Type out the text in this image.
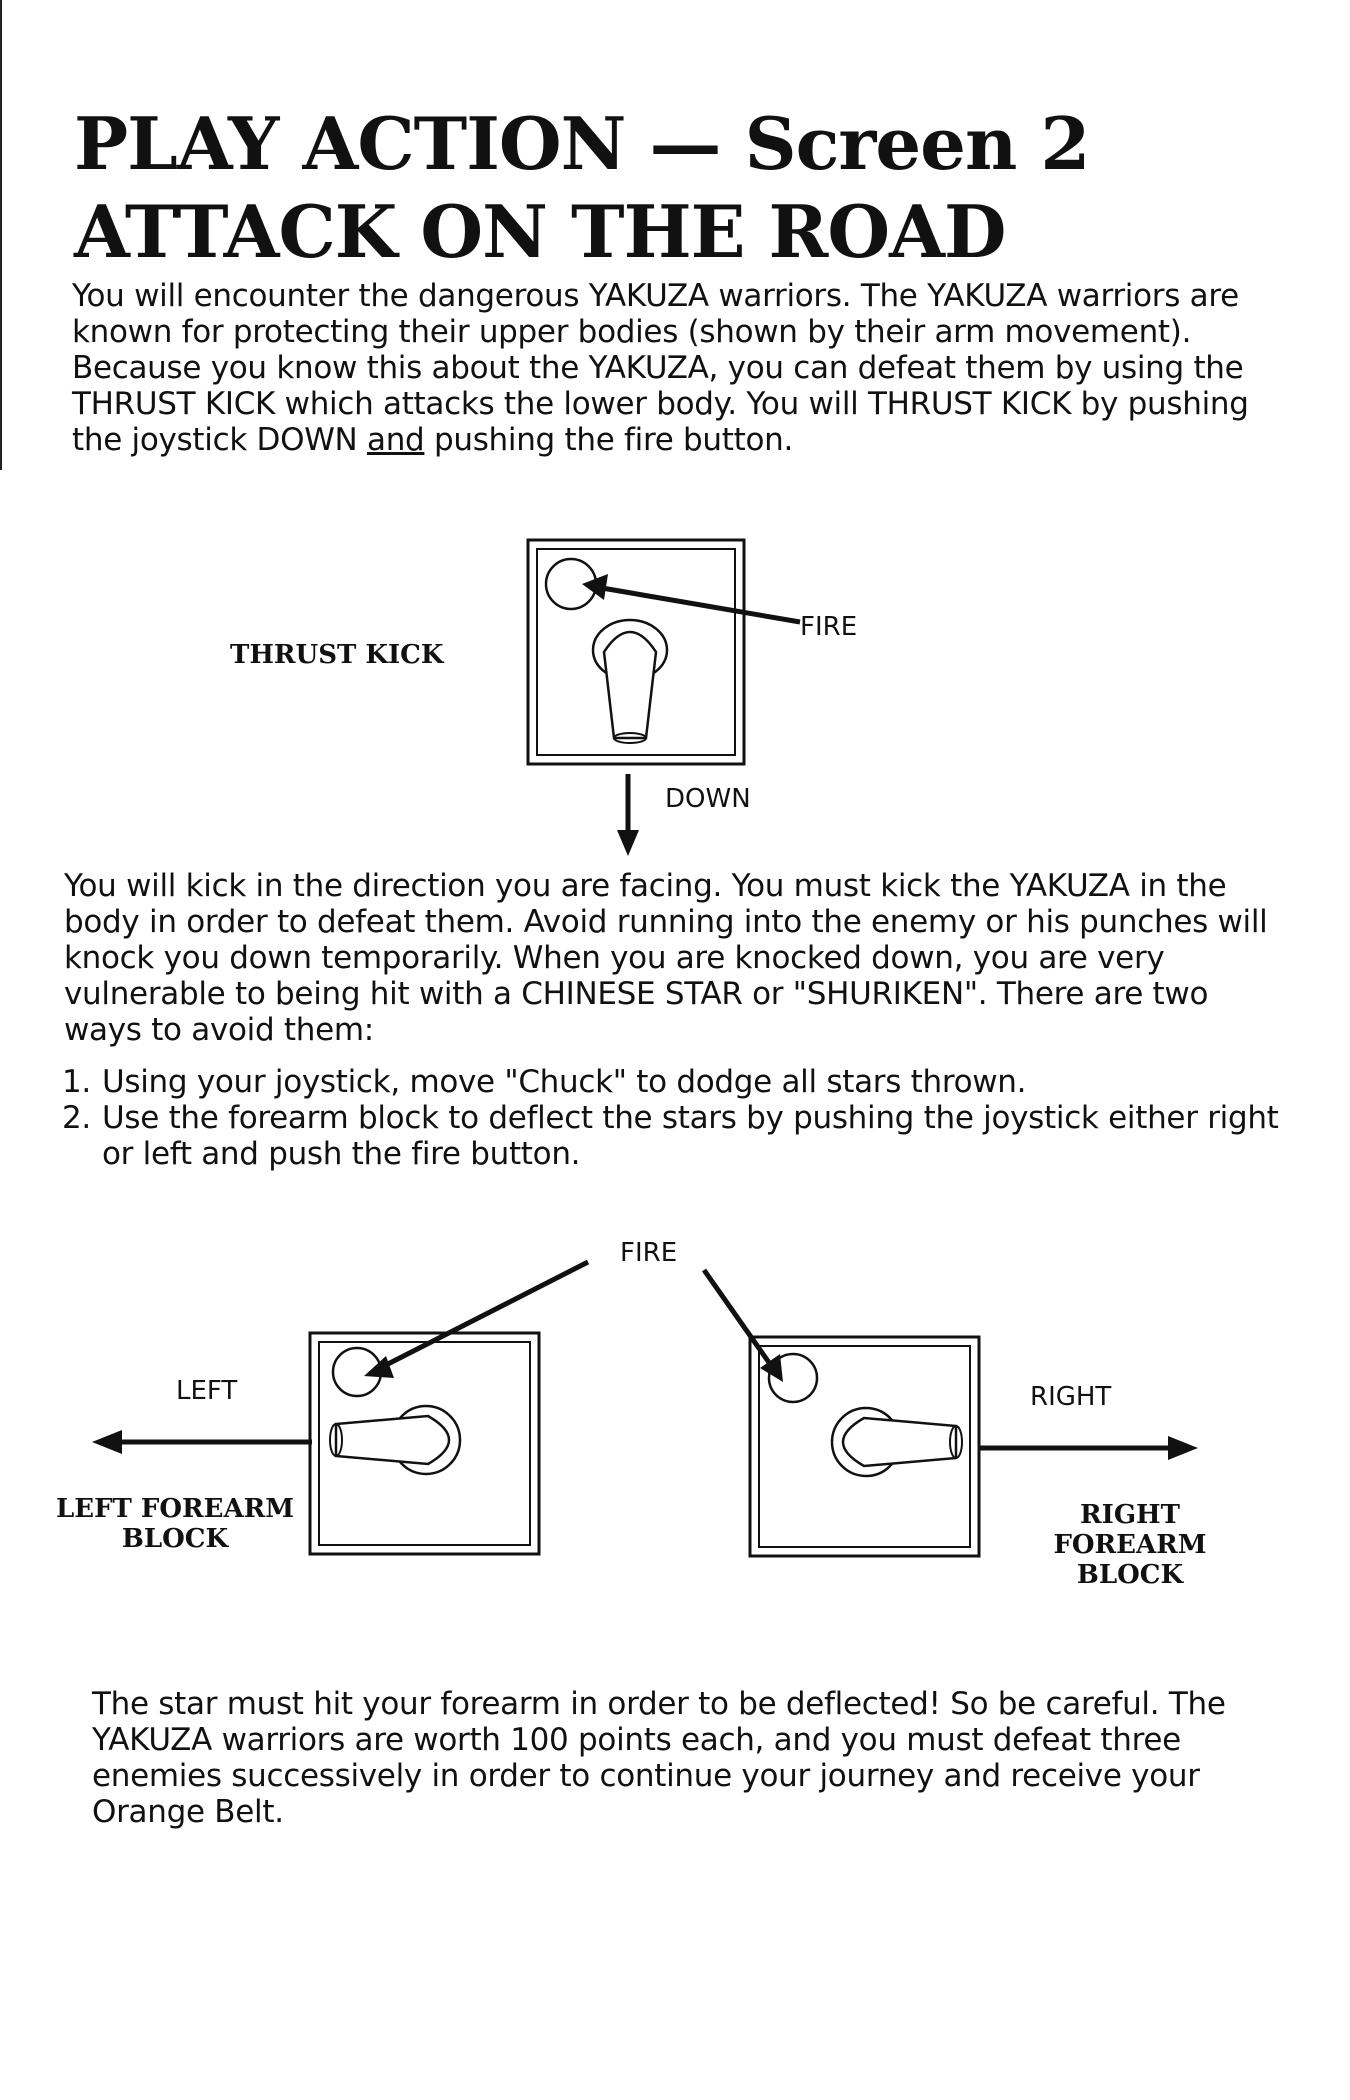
PLAY ACTION — Screen 2
ATTACK ON THE ROAD

You will encounter the dangerous YAKUZA warriors. The YAKUZA warriors are known for protecting their upper bodies (shown by their arm movement). Because you know this about the YAKUZA, you can defeat them by using the THRUST KICK which attacks the lower body. You will THRUST KICK by pushing the joystick DOWN and pushing the fire button.

THRUST KICK
FIRE
DOWN

You will kick in the direction you are facing. You must kick the YAKUZA in the body in order to defeat them. Avoid running into the enemy or his punches will knock you down temporarily. When you are knocked down, you are very vulnerable to being hit with a CHINESE STAR or "SHURIKEN". There are two ways to avoid them:

1. Using your joystick, move "Chuck" to dodge all stars thrown.
2. Use the forearm block to deflect the stars by pushing the joystick either right or left and push the fire button.
FIRE
LEFT	RIGHT
LEFT FOREARM
BLOCK
RIGHT FOREARM
BLOCK

The star must hit your forearm in order to be deflected! So be careful. The YAKUZA warriors are worth 100 points each, and you must defeat three enemies successively in order to continue your journey and receive your Orange Belt.
